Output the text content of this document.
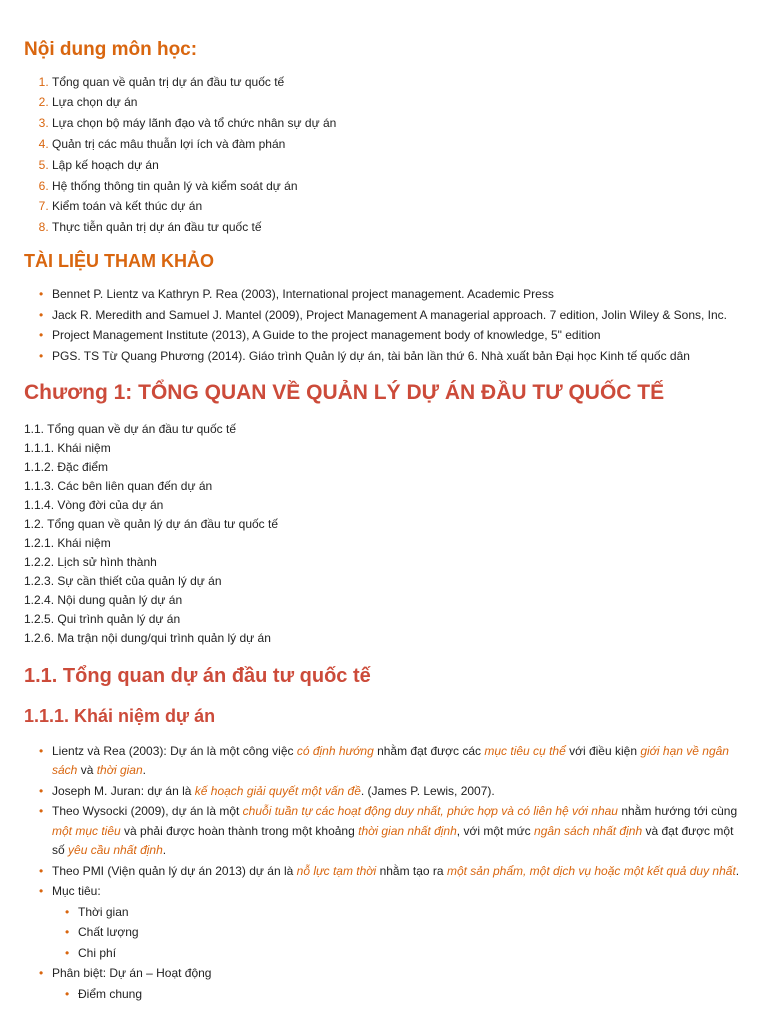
Nội dung môn học:
1. Tổng quan về quản trị dự án đầu tư quốc tế
2. Lựa chọn dự án
3. Lựa chọn bộ máy lãnh đạo và tổ chức nhân sự dự án
4. Quản trị các mâu thuẫn lợi ích và đàm phán
5. Lập kế hoạch dự án
6. Hệ thống thông tin quản lý và kiểm soát dự án
7. Kiểm toán và kết thúc dự án
8. Thực tiễn quản trị dự án đầu tư quốc tế
TÀI LIỆU THAM KHẢO
• Bennet P. Lientz va Kathryn P. Rea (2003), International project management. Academic Press
• Jack R. Meredith and Samuel J. Mantel (2009), Project Management A managerial approach. 7 edition, Jolin Wiley & Sons, Inc.
• Project Management Institute (2013), A Guide to the project management body of knowledge, 5" edition
• PGS. TS Từ Quang Phương (2014). Giáo trình Quản lý dự án, tài bản lần thứ 6. Nhà xuất bản Đại học Kinh tế quốc dân
Chương 1: TỔNG QUAN VỀ QUẢN LÝ DỰ ÁN ĐẦU TƯ QUỐC TẾ
1.1. Tổng quan về dự án đầu tư quốc tế
1.1.1. Khái niệm
1.1.2. Đặc điểm
1.1.3. Các bên liên quan đến dự án
1.1.4. Vòng đời của dự án
1.2. Tổng quan về quản lý dự án đầu tư quốc tế
1.2.1. Khái niệm
1.2.2. Lịch sử hình thành
1.2.3. Sự cần thiết của quản lý dự án
1.2.4. Nội dung quản lý dự án
1.2.5. Qui trình quản lý dự án
1.2.6. Ma trận nội dung/qui trình quản lý dự án
1.1. Tổng quan dự án đầu tư quốc tế
1.1.1. Khái niệm dự án
• Lientz và Rea (2003): Dự án là một công việc có định hướng nhằm đạt được các mục tiêu cụ thể với điều kiện giới hạn về ngân sách và thời gian.
• Joseph M. Juran: dự án là kế hoạch giải quyết một vấn đề. (James P. Lewis, 2007).
• Theo Wysocki (2009), dự án là một chuỗi tuần tự các hoạt động duy nhất, phức hợp và có liên hệ với nhau nhằm hướng tới cùng một mục tiêu và phải được hoàn thành trong một khoảng thời gian nhất định, với một mức ngân sách nhất định và đạt được một số yêu cầu nhất định.
• Theo PMI (Viện quản lý dự án 2013) dự án là nỗ lực tạm thời nhằm tạo ra một sản phẩm, một dịch vụ hoặc một kết quả duy nhất.
• Mục tiêu:
• Thời gian
• Chất lượng
• Chi phí
• Phân biệt: Dự án – Hoạt động
• Điểm chung
